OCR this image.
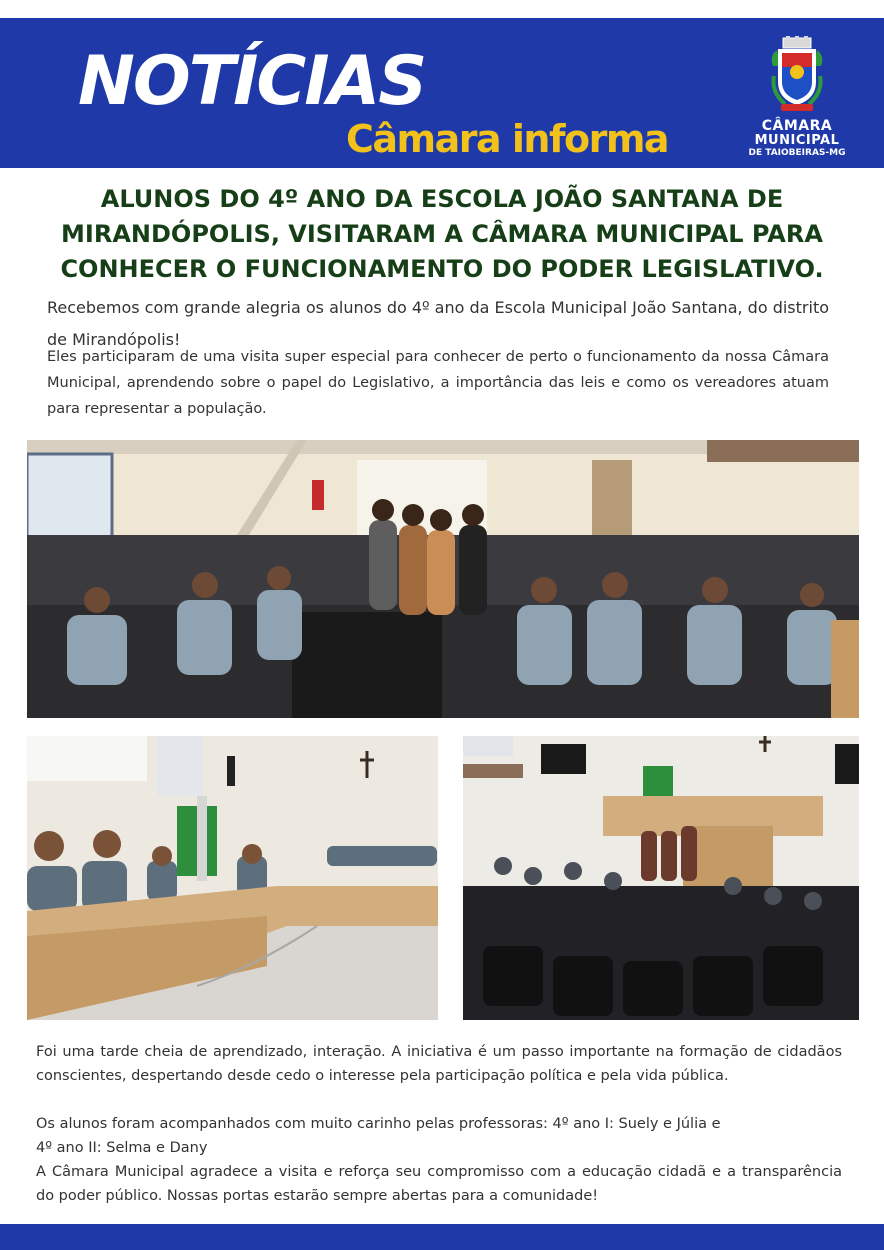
NOTÍCIAS
Câmara informa	CÂMARA
MUNICIPAL
DE TAIOBEIRAS-MG
ALUNOS DO 4º ANO DA ESCOLA JOÃO SANTANA DE MIRANDÓPOLIS, VISITARAM A CÂMARA MUNICIPAL PARA CONHECER O FUNCIONAMENTO DO PODER LEGISLATIVO.

Recebemos com grande alegria os alunos do 4º ano da Escola Municipal João Santana, do distrito de Mirandópolis!

Eles participaram de uma visita super especial para conhecer de perto o funcionamento da nossa Câmara Municipal, aprendendo sobre o papel do Legislativo, a importância das leis e como os vereadores atuam para representar a população.

Foi uma tarde cheia de aprendizado, interação. A iniciativa é um passo importante na formação de cidadãos conscientes, despertando desde cedo o interesse pela participação política e pela vida pública.

Os alunos foram acompanhados com muito carinho pelas professoras: 4º ano I: Suely e Júlia e
4º ano II: Selma e Dany

A Câmara Municipal agradece a visita e reforça seu compromisso com a educação cidadã e a transparência do poder público. Nossas portas estarão sempre abertas para a comunidade!
